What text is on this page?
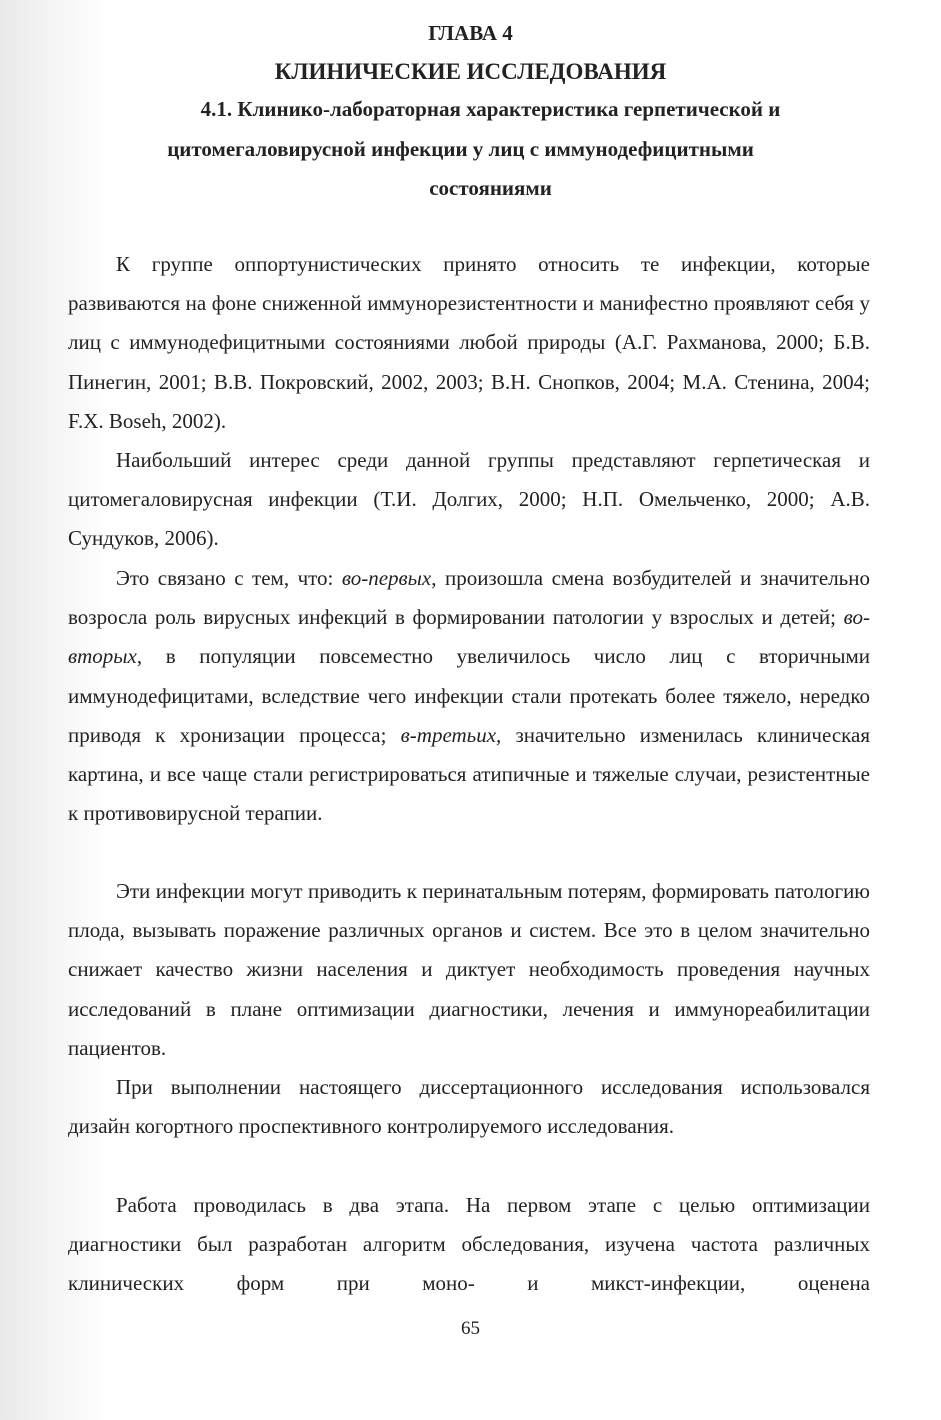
ГЛАВА 4
КЛИНИЧЕСКИЕ ИССЛЕДОВАНИЯ
4.1. Клинико-лабораторная характеристика герпетической и
цитомегаловирусной инфекции у лиц с иммунодефицитными
состояниями

К группе оппортунистических принято относить те инфекции, которые развиваются на фоне сниженной иммунорезистентности и манифестно проявляют себя у лиц с иммунодефицитными состояниями любой природы (А.Г. Рахманова, 2000; Б.В. Пинегин, 2001; В.В. Покровский, 2002, 2003; В.Н. Снопков, 2004; М.А. Стенина, 2004; F.X. Boseh, 2002).

Наибольший интерес среди данной группы представляют герпетическая и цитомегаловирусная инфекции (Т.И. Долгих, 2000; Н.П. Омельченко, 2000; А.В. Сундуков, 2006).

Это связано с тем, что: во-первых, произошла смена возбудителей и значительно возросла роль вирусных инфекций в формировании патологии у взрослых и детей; во-вторых, в популяции повсеместно увеличилось число лиц с вторичными иммунодефицитами, вследствие чего инфекции стали протекать более тяжело, нередко приводя к хронизации процесса; в-третьих, значительно изменилась клиническая картина, и все чаще стали регистрироваться атипичные и тяжелые случаи, резистентные к противовирусной терапии.

Эти инфекции могут приводить к перинатальным потерям, формировать патологию плода, вызывать поражение различных органов и систем. Все это в целом значительно снижает качество жизни населения и диктует необходимость проведения научных исследований в плане оптимизации диагностики, лечения и иммунореабилитации пациентов.

При выполнении настоящего диссертационного исследования использовался дизайн когортного проспективного контролируемого исследования.

Работа проводилась в два этапа. На первом этапе с целью оптимизации диагностики был разработан алгоритм обследования, изучена частота различных клинических форм при моно- и микст-инфекции, оценена

65
